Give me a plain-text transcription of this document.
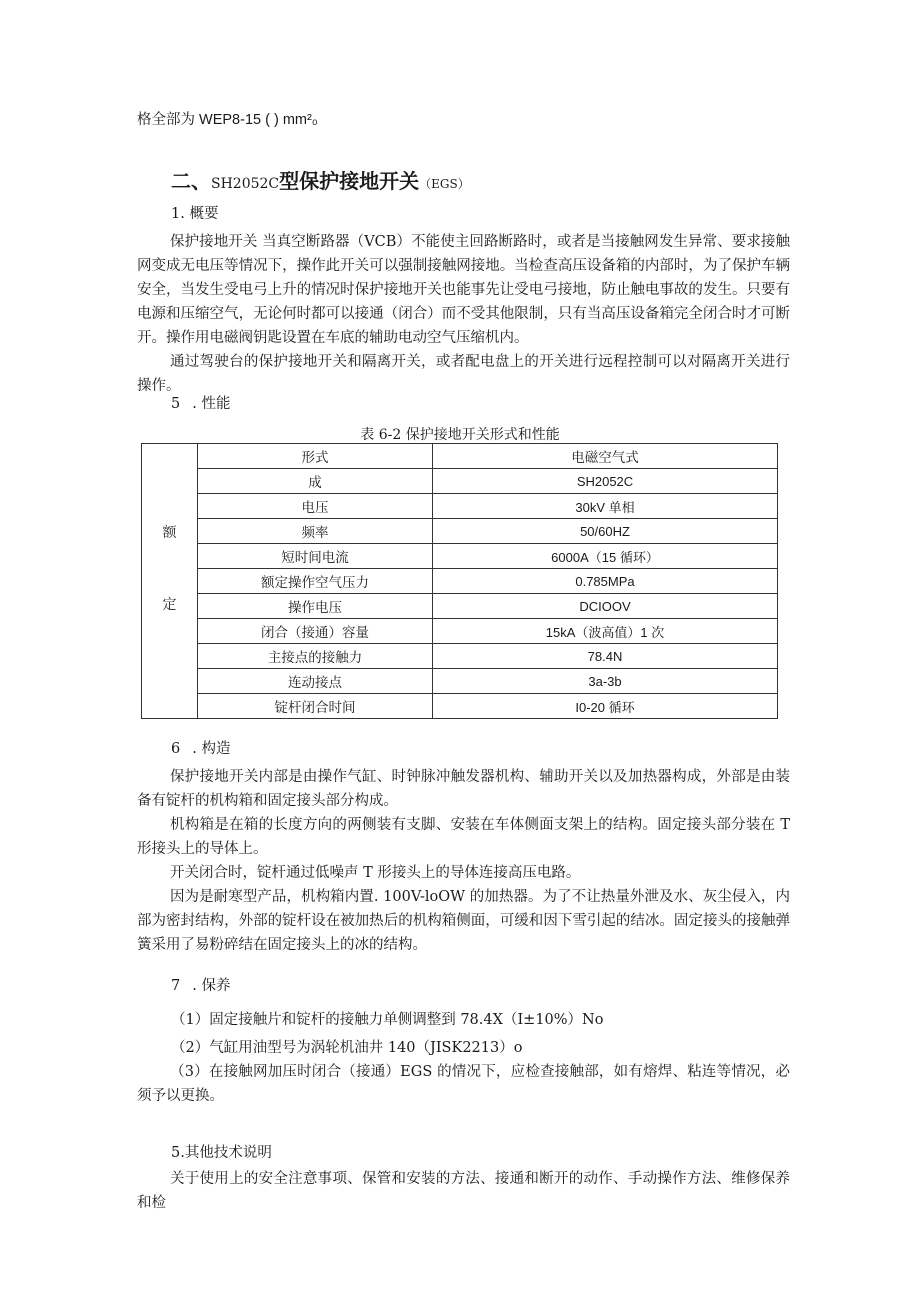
格全部为 WEP8-15 ( ) mm²₀
二、SH2052C型保护接地开关（EGS）
1. 概要
保护接地开关 当真空断路器（VCB）不能使主回路断路时，或者是当接触网发生异常、要求接触网变成无电压等情况下，操作此开关可以强制接触网接地。当检查高压设备箱的内部时，为了保护车辆安全，当发生受电弓上升的情况时保护接地开关也能事先让受电弓接地，防止触电事故的发生。只要有电源和压缩空气，无论何时都可以接通（闭合）而不受其他限制，只有当高压设备箱完全闭合时才可断开。操作用电磁阀钥匙设置在车底的辅助电动空气压缩机内。
通过驾驶台的保护接地开关和隔离开关，或者配电盘上的开关进行远程控制可以对隔离开关进行操作。
5 . 性能
表 6-2 保护接地开关形式和性能
额
定	形式	电磁空气式
	成	SH2052C
	电压	30kV 单相
	频率	50/60HZ
	短时间电流	6000A（15 循环）
	额定操作空气压力	0.785MPa
	操作电压	DCIOOV
	闭合（接通）容量	15kA（波高值）1 次
	主接点的接触力	78.4N
	连动接点	3a-3b
	锭杆闭合时间	I0-20 循环
6 . 构造
保护接地开关内部是由操作气缸、时钟脉冲触发器机构、辅助开关以及加热器构成，外部是由装备有锭杆的机构箱和固定接头部分构成。
机构箱是在箱的长度方向的两侧装有支脚、安装在车体侧面支架上的结构。固定接头部分装在 T 形接头上的导体上。
开关闭合时，锭杆通过低噪声 T 形接头上的导体连接高压电路。
因为是耐寒型产品，机构箱内置. 100V-loOW 的加热器。为了不让热量外泄及水、灰尘侵入，内部为密封结构，外部的锭杆设在被加热后的机构箱侧面，可缓和因下雪引起的结冰。固定接头的接触弹簧采用了易粉碎结在固定接头上的冰的结构。
7 . 保养
（1）固定接触片和锭杆的接触力单侧调整到 78.4X（I±10%）No
（2）气缸用油型号为涡轮机油井 140（JISK2213）o
（3）在接触网加压时闭合（接通）EGS 的情况下，应检查接触部，如有熔焊、粘连等情况，必须予以更换。
5.其他技术说明
关于使用上的安全注意事项、保管和安装的方法、接通和断开的动作、手动操作方法、维修保养和检
